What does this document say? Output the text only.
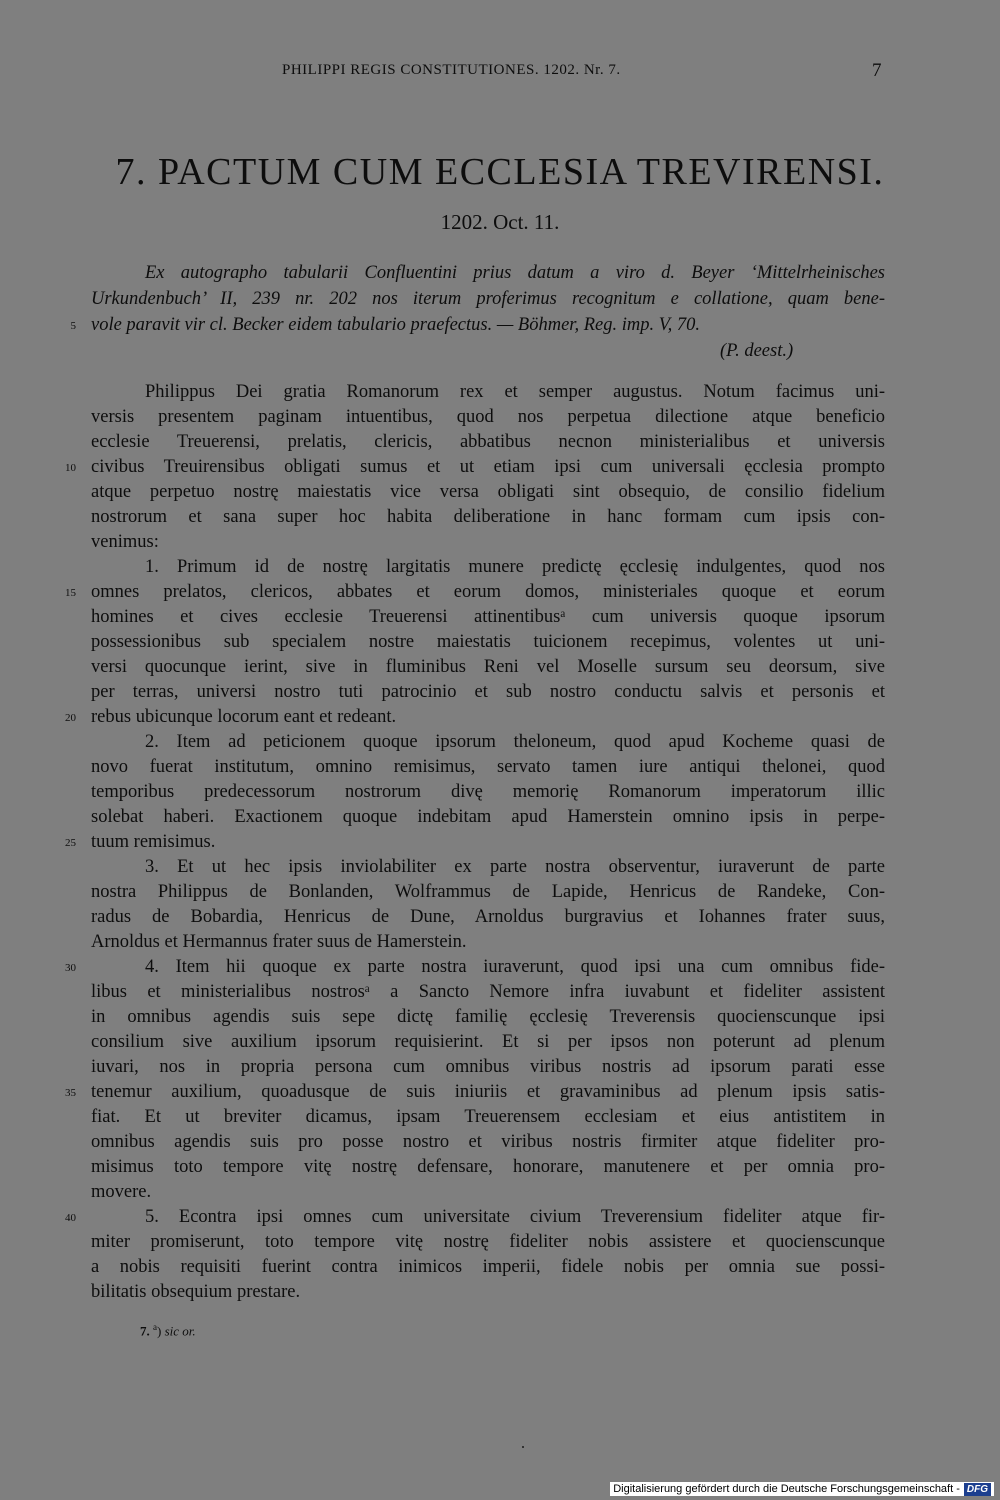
PHILIPPI REGIS CONSTITUTIONES. 1202. Nr. 7.	7
7. PACTUM CUM ECCLESIA TREVIRENSI.
1202. Oct. 11.
Ex autographo tabularii Confluentini prius datum a viro d. Beyer ‘Mittelrheinisches
Urkundenbuch’ II, 239 nr. 202 nos iterum proferimus recognitum e collatione, quam bene-
vole paravit vir cl. Becker eidem tabulario praefectus. — Böhmer, Reg. imp. V, 70.
(P. deest.)
Philippus Dei gratia Romanorum rex et semper augustus. Notum facimus uni-
versis presentem paginam intuentibus, quod nos perpetua dilectione atque beneficio
ecclesie Treuerensi, prelatis, clericis, abbatibus necnon ministerialibus et universis
civibus Treuirensibus obligati sumus et ut etiam ipsi cum universali ęcclesia prompto
atque perpetuo nostrę maiestatis vice versa obligati sint obsequio, de consilio fidelium
nostrorum et sana super hoc habita deliberatione in hanc formam cum ipsis con-
venimus:
1. Primum id de nostrę largitatis munere predictę ęcclesię indulgentes, quod nos
omnes prelatos, clericos, abbates et eorum domos, ministeriales quoque et eorum
homines et cives ecclesie Treuerensi attinentibusᵃ cum universis quoque ipsorum
possessionibus sub specialem nostre maiestatis tuicionem recepimus, volentes ut uni-
versi quocunque ierint, sive in fluminibus Reni vel Moselle sursum seu deorsum, sive
per terras, universi nostro tuti patrocinio et sub nostro conductu salvis et personis et
rebus ubicunque locorum eant et redeant.
2. Item ad peticionem quoque ipsorum theloneum, quod apud Kocheme quasi de
novo fuerat institutum, omnino remisimus, servato tamen iure antiqui thelonei, quod
temporibus predecessorum nostrorum divę memorię Romanorum imperatorum illic
solebat haberi. Exactionem quoque indebitam apud Hamerstein omnino ipsis in perpe-
tuum remisimus.
3. Et ut hec ipsis inviolabiliter ex parte nostra observentur, iuraverunt de parte
nostra Philippus de Bonlanden, Wolframmus de Lapide, Henricus de Randeke, Con-
radus de Bobardia, Henricus de Dune, Arnoldus burgravius et Iohannes frater suus,
Arnoldus et Hermannus frater suus de Hamerstein.
4. Item hii quoque ex parte nostra iuraverunt, quod ipsi una cum omnibus fide-
libus et ministerialibus nostrosᵃ a Sancto Nemore infra iuvabunt et fideliter assistent
in omnibus agendis suis sepe dictę familię ęcclesię Treverensis quocienscunque ipsi
consilium sive auxilium ipsorum requisierint. Et si per ipsos non poterunt ad plenum
iuvari, nos in propria persona cum omnibus viribus nostris ad ipsorum parati esse
tenemur auxilium, quoadusque de suis iniuriis et gravaminibus ad plenum ipsis satis-
fiat. Et ut breviter dicamus, ipsam Treuerensem ecclesiam et eius antistitem in
omnibus agendis suis pro posse nostro et viribus nostris firmiter atque fideliter pro-
misimus toto tempore vitę nostrę defensare, honorare, manutenere et per omnia pro-
movere.
5. Econtra ipsi omnes cum universitate civium Treverensium fideliter atque fir-
miter promiserunt, toto tempore vitę nostrę fideliter nobis assistere et quocienscunque
a nobis requisiti fuerint contra inimicos imperii, fidele nobis per omnia sue possi-
bilitatis obsequium prestare.
5
10
15
20
25
30
35
40
7. $^a$) sic or.
Digitalisierung gefördert durch die Deutsche Forschungsgemeinschaft - DFG
